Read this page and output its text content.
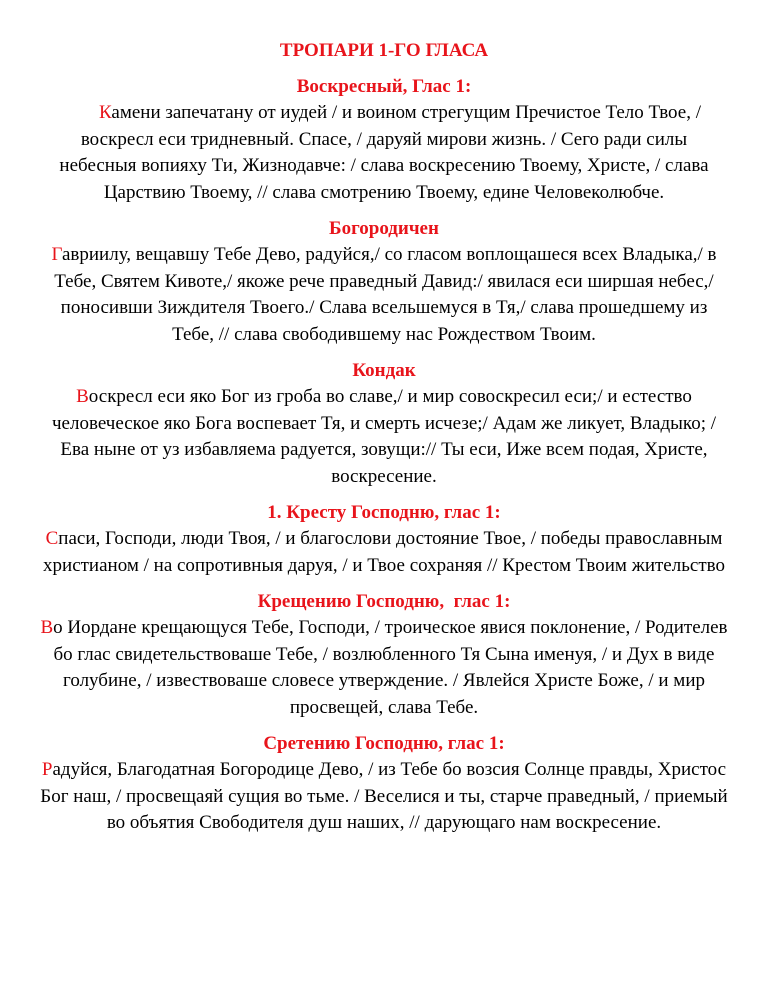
ТРОПАРИ 1-ГО ГЛАСА
Воскресный, Глас 1:

Камени запечатану от иудей / и воином стрегущим Пречистое Тело Твое, / воскресл еси тридневный. Спасе, / даруяй мирови жизнь. / Сего ради силы небесныя вопияху Ти, Жизнодавче: / слава воскресению Твоему, Христе, / слава Царствию Твоему, // слава смотрению Твоему, едине Человеколюбче.

Богородичен

Гавриилу, вещавшу Тебе Дево, радуйся,/ со гласом воплощашеся всех Владыка,/ в Тебе, Святем Кивоте,/ якоже рече праведный Давид:/ явилася еси ширшая небес,/ поносивши Зиждителя Твоего./ Слава всельшемуся в Тя,/ слава прошедшему из Тебе, // слава свободившему нас Рождеством Твоим.

Кондак

Воскресл еси яко Бог из гроба во славе,/ и мир совоскресил еси;/ и естество человеческое яко Бога воспевает Тя, и смерть исчезе;/ Адам же ликует, Владыко; / Ева ныне от уз избавляема радуется, зовущи:// Ты еси, Иже всем подая, Христе, воскресение.

1. Кресту Господню, глас 1:

Спаси, Господи, люди Твоя, / и благослови достояние Твое, / победы православным христианом / на сопротивныя даруя, / и Твое сохраняя // Крестом Твоим жительство

Крещению Господню,  глас 1:

Во Иордане крещающуся Тебе, Господи, / троическое явися поклонение, / Родителев бо глас свидетельствоваше Тебе, / возлюбленного Тя Сына именуя, / и Дух в виде голубине, / извествоваше словесе утверждение. / Явлейся Христе Боже, / и мир просвещей, слава Тебе.

Сретению Господню, глас 1:

Радуйся, Благодатная Богородице Дево, / из Тебе бо возсия Солнце правды, Христос Бог наш, / просвещаяй сущия во тьме. / Веселися и ты, старче праведный, / приемый во объятия Свободителя душ наших, // дарующаго нам воскресение.
